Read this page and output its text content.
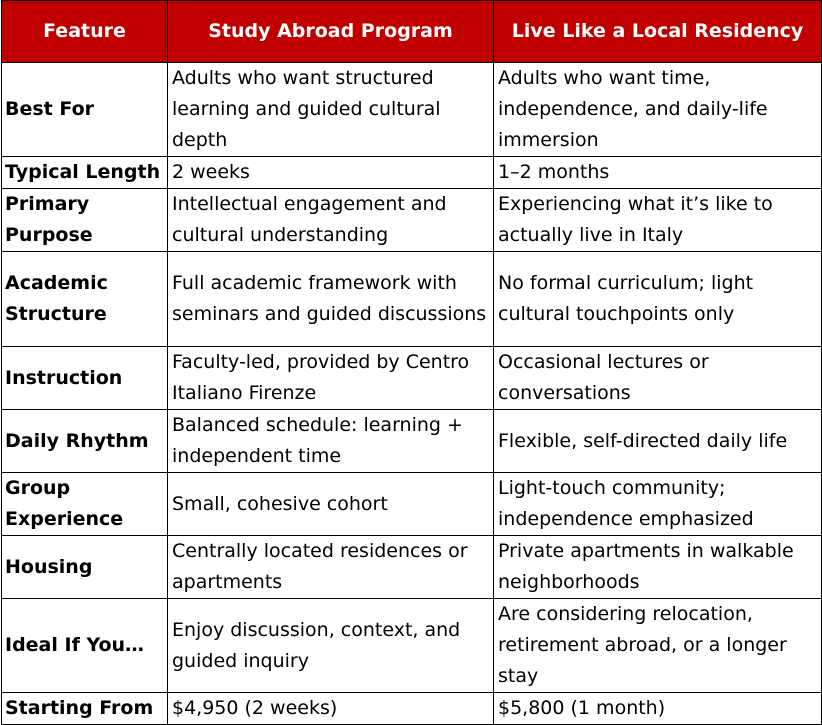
Feature	Study Abroad Program	Live Like a Local Residency
Best For	Adults who want structured learning and guided cultural depth	Adults who want time, independence, and daily-life immersion
Typical Length	2 weeks	1–2 months
Primary Purpose	Intellectual engagement and cultural understanding	Experiencing what it’s like to actually live in Italy
Academic Structure	Full academic framework with seminars and guided discussions	No formal curriculum; light cultural touchpoints only
Instruction	Faculty-led, provided by Centro Italiano Firenze	Occasional lectures or conversations
Daily Rhythm	Balanced schedule: learning + independent time	Flexible, self-directed daily life
Group Experience	Small, cohesive cohort	Light-touch community; independence emphasized
Housing	Centrally located residences or apartments	Private apartments in walkable neighborhoods
Ideal If You…	Enjoy discussion, context, and guided inquiry	Are considering relocation, retirement abroad, or a longer stay
Starting From	$4,950 (2 weeks)	$5,800 (1 month)
